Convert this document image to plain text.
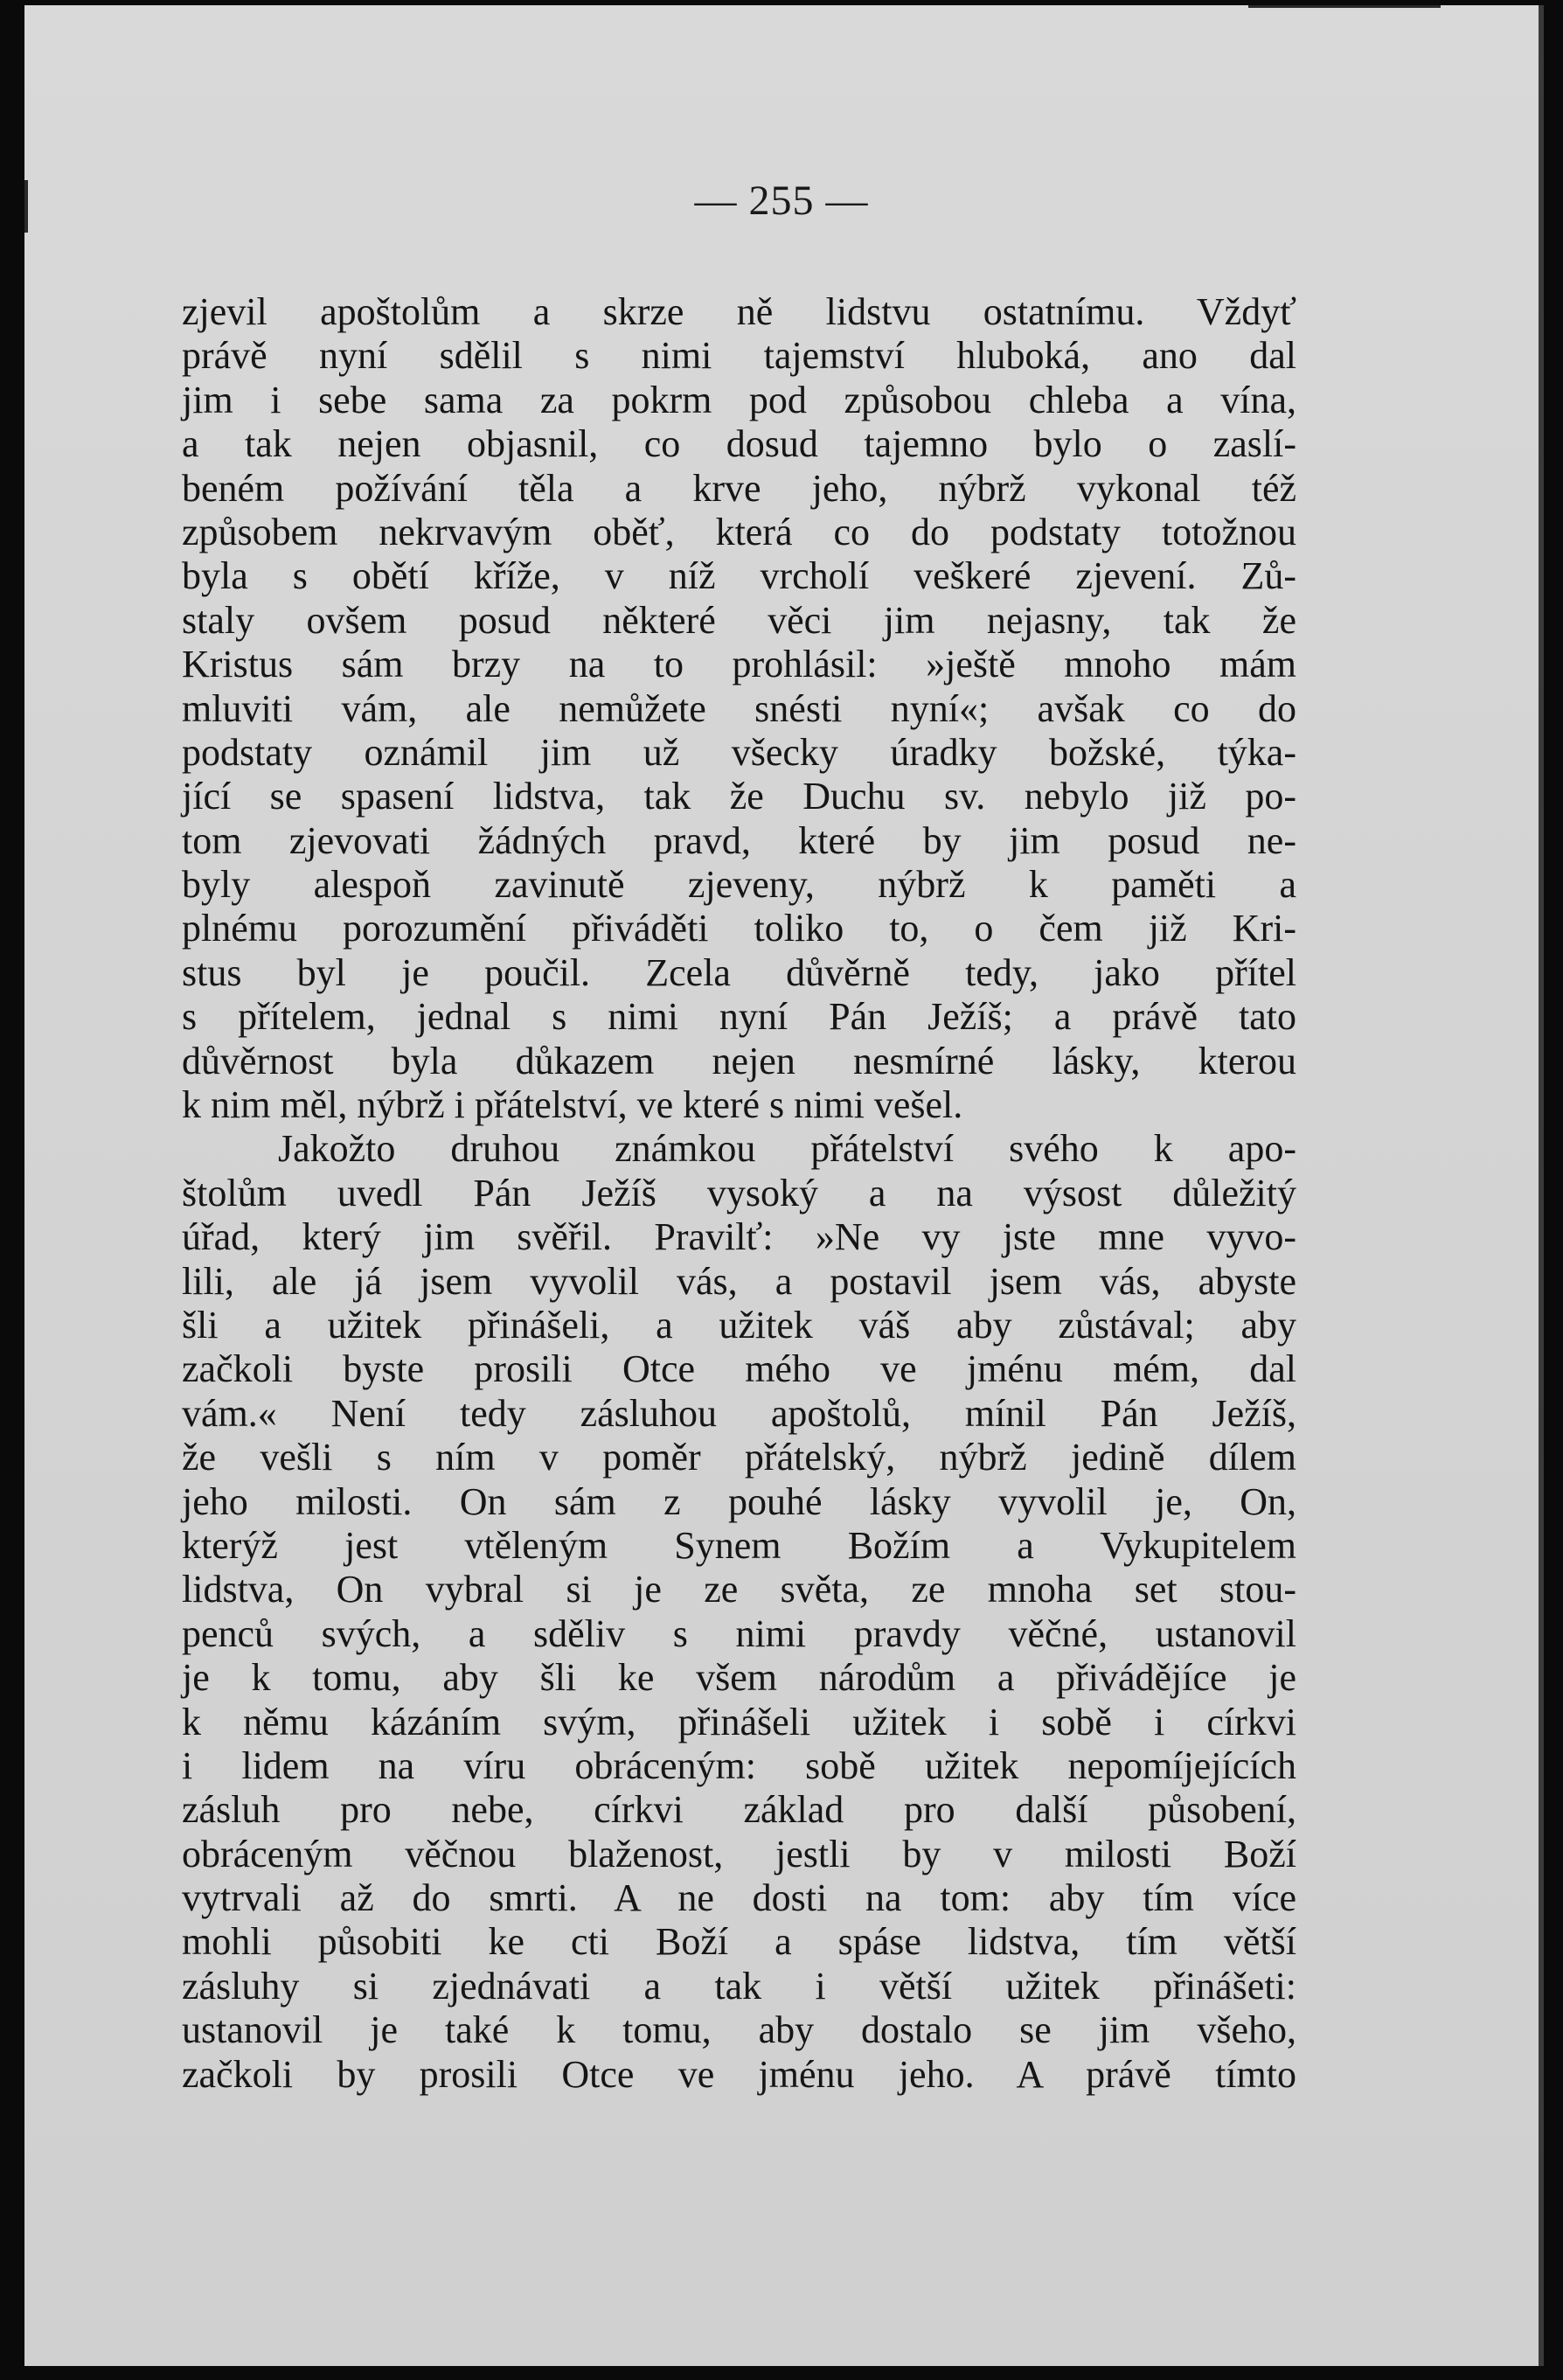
— 255 —
zjevil apoštolům a skrze ně lidstvu ostatnímu. Vždyť
právě nyní sdělil s nimi tajemství hluboká, ano dal
jim i sebe sama za pokrm pod způsobou chleba a vína,
a tak nejen objasnil, co dosud tajemno bylo o zaslí-
beném požívání těla a krve jeho, nýbrž vykonal též
způsobem nekrvavým oběť, která co do podstaty totožnou
byla s obětí kříže, v níž vrcholí veškeré zjevení. Zů-
staly ovšem posud některé věci jim nejasny, tak že
Kristus sám brzy na to prohlásil: »ještě mnoho mám
mluviti vám, ale nemůžete snésti nyní«; avšak co do
podstaty oznámil jim už všecky úradky božské, týka-
jící se spasení lidstva, tak že Duchu sv. nebylo již po-
tom zjevovati žádných pravd, které by jim posud ne-
byly alespoň zavinutě zjeveny, nýbrž k paměti a
plnému porozumění přiváděti toliko to, o čem již Kri-
stus byl je poučil. Zcela důvěrně tedy, jako přítel
s přítelem, jednal s nimi nyní Pán Ježíš; a právě tato
důvěrnost byla důkazem nejen nesmírné lásky, kterou
k nim měl, nýbrž i přátelství, ve které s nimi vešel.
Jakožto druhou známkou přátelství svého k apo-
štolům uvedl Pán Ježíš vysoký a na výsost důležitý
úřad, který jim svěřil. Pravilť: »Ne vy jste mne vyvo-
lili, ale já jsem vyvolil vás, a postavil jsem vás, abyste
šli a užitek přinášeli, a užitek váš aby zůstával; aby
začkoli byste prosili Otce mého ve jménu mém, dal
vám.« Není tedy zásluhou apoštolů, mínil Pán Ježíš,
že vešli s ním v poměr přátelský, nýbrž jedině dílem
jeho milosti. On sám z pouhé lásky vyvolil je, On,
kterýž jest vtěleným Synem Božím a Vykupitelem
lidstva, On vybral si je ze světa, ze mnoha set stou-
penců svých, a sděliv s nimi pravdy věčné, ustanovil
je k tomu, aby šli ke všem národům a přivádějíce je
k němu kázáním svým, přinášeli užitek i sobě i církvi
i lidem na víru obráceným: sobě užitek nepomíjejících
zásluh pro nebe, církvi základ pro další působení,
obráceným věčnou blaženost, jestli by v milosti Boží
vytrvali až do smrti. A ne dosti na tom: aby tím více
mohli působiti ke cti Boží a spáse lidstva, tím větší
zásluhy si zjednávati a tak i větší užitek přinášeti:
ustanovil je také k tomu, aby dostalo se jim všeho,
začkoli by prosili Otce ve jménu jeho. A právě tímto
